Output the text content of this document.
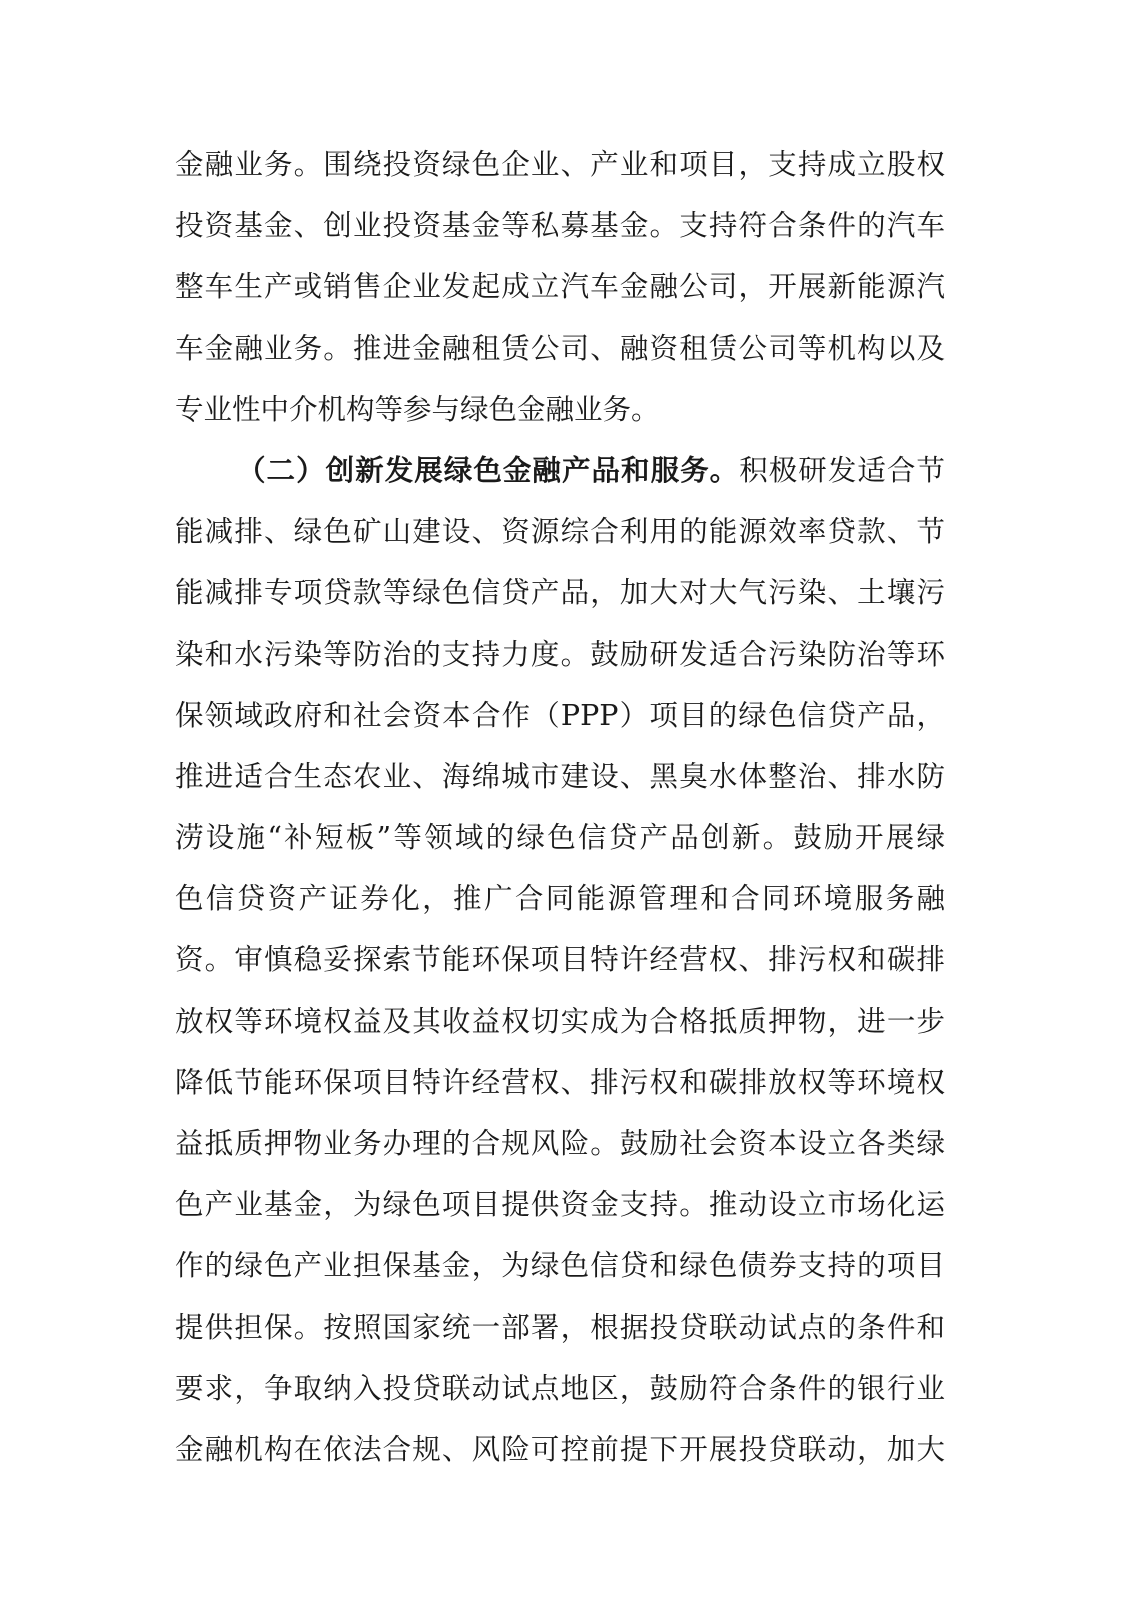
金融业务。围绕投资绿色企业、产业和项目，支持成立股权
投资基金、创业投资基金等私募基金。支持符合条件的汽车
整车生产或销售企业发起成立汽车金融公司，开展新能源汽
车金融业务。推进金融租赁公司、融资租赁公司等机构以及
专业性中介机构等参与绿色金融业务。
（二）创新发展绿色金融产品和服务。积极研发适合节
能减排、绿色矿山建设、资源综合利用的能源效率贷款、节
能减排专项贷款等绿色信贷产品，加大对大气污染、土壤污
染和水污染等防治的支持力度。鼓励研发适合污染防治等环
保领域政府和社会资本合作（PPP）项目的绿色信贷产品，
推进适合生态农业、海绵城市建设、黑臭水体整治、排水防
涝设施“补短板”等领域的绿色信贷产品创新。鼓励开展绿
色信贷资产证券化，推广合同能源管理和合同环境服务融
资。审慎稳妥探索节能环保项目特许经营权、排污权和碳排
放权等环境权益及其收益权切实成为合格抵质押物，进一步
降低节能环保项目特许经营权、排污权和碳排放权等环境权
益抵质押物业务办理的合规风险。鼓励社会资本设立各类绿
色产业基金，为绿色项目提供资金支持。推动设立市场化运
作的绿色产业担保基金，为绿色信贷和绿色债券支持的项目
提供担保。按照国家统一部署，根据投贷联动试点的条件和
要求，争取纳入投贷联动试点地区，鼓励符合条件的银行业
金融机构在依法合规、风险可控前提下开展投贷联动，加大
